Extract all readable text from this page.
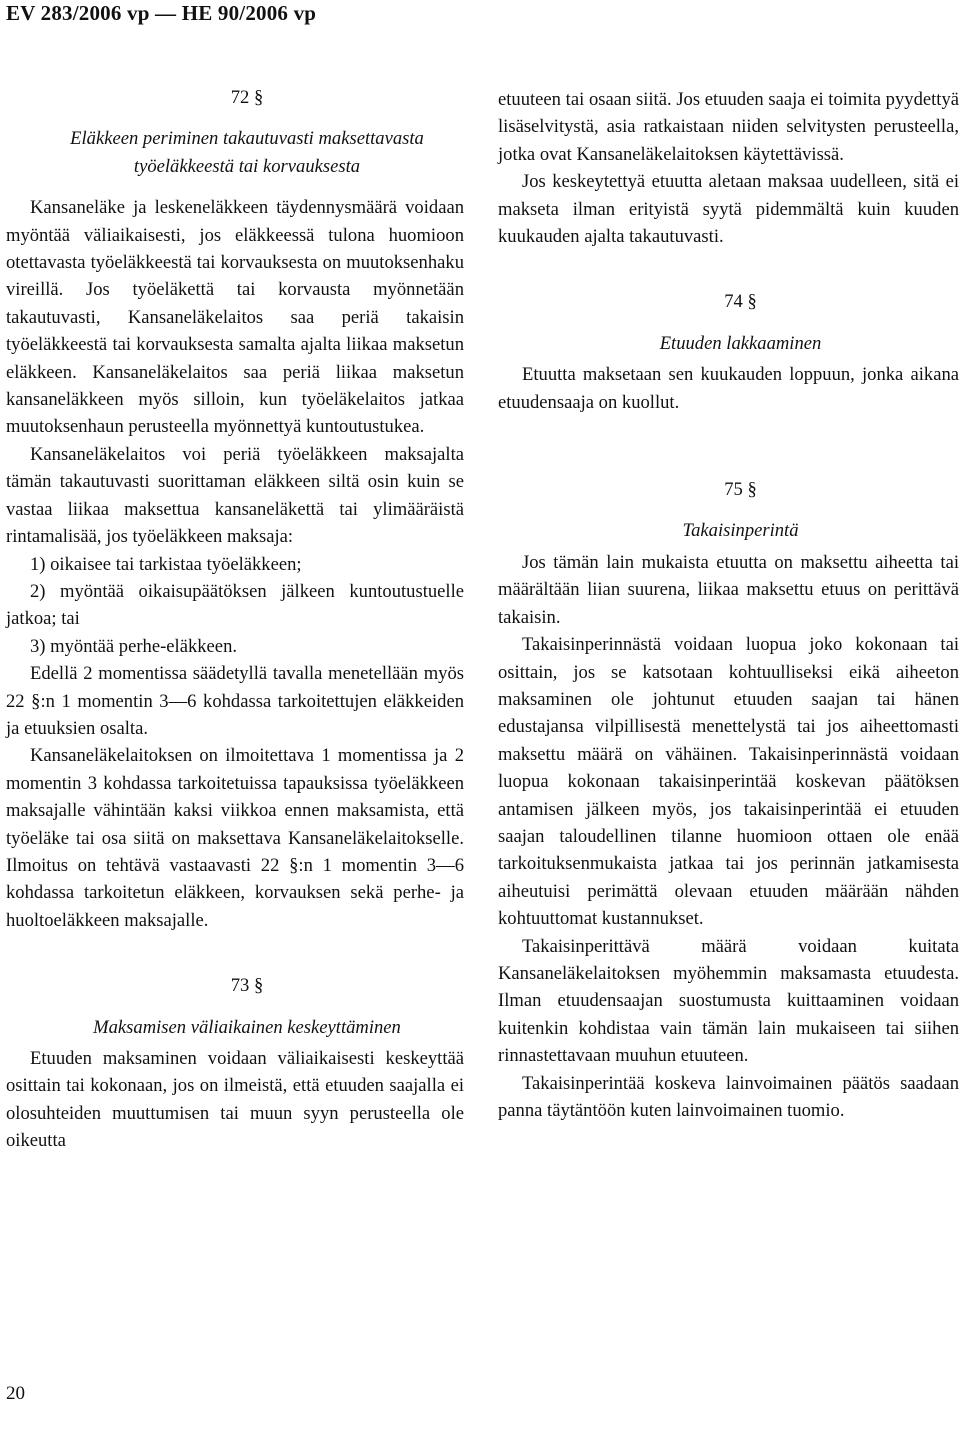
EV 283/2006 vp — HE 90/2006 vp

72 §

Eläkkeen periminen takautuvasti maksettavasta

työeläkkeestä tai korvauksesta

Kansaneläke ja leskeneläkkeen täydennysmäärä voidaan myöntää väliaikaisesti, jos eläkkeessä tulona huomioon otettavasta työeläkkeestä tai korvauksesta on muutoksenhaku vireillä. Jos työeläkettä tai korvausta myönnetään takautuvasti, Kansaneläkelaitos saa periä takaisin työeläkkeestä tai korvauksesta samalta ajalta liikaa maksetun eläkkeen. Kansaneläkelaitos saa periä liikaa maksetun kansaneläkkeen myös silloin, kun työeläkelaitos jatkaa muutoksenhaun perusteella myönnettyä kuntoutustukea.

Kansaneläkelaitos voi periä työeläkkeen maksajalta tämän takautuvasti suorittaman eläkkeen siltä osin kuin se vastaa liikaa maksettua kansaneläkettä tai ylimääräistä rintamalisää, jos työeläkkeen maksaja:

1) oikaisee tai tarkistaa työeläkkeen;

2) myöntää oikaisupäätöksen jälkeen kuntoutustuelle jatkoa; tai

3) myöntää perhe-eläkkeen.

Edellä 2 momentissa säädetyllä tavalla menetellään myös 22 §:n 1 momentin 3—6 kohdassa tarkoitettujen eläkkeiden ja etuuksien osalta.

Kansaneläkelaitoksen on ilmoitettava 1 momentissa ja 2 momentin 3 kohdassa tarkoitetuissa tapauksissa työeläkkeen maksajalle vähintään kaksi viikkoa ennen maksamista, että työeläke tai osa siitä on maksettava Kansaneläkelaitokselle. Ilmoitus on tehtävä vastaavasti 22 §:n 1 momentin 3—6 kohdassa tarkoitetun eläkkeen, korvauksen sekä perhe- ja huoltoeläkkeen maksajalle.

73 §

Maksamisen väliaikainen keskeyttäminen

Etuuden maksaminen voidaan väliaikaisesti keskeyttää osittain tai kokonaan, jos on ilmeistä, että etuuden saajalla ei olosuhteiden muuttumisen tai muun syyn perusteella ole oikeutta

etuuteen tai osaan siitä. Jos etuuden saaja ei toimita pyydettyä lisäselvitystä, asia ratkaistaan niiden selvitysten perusteella, jotka ovat Kansaneläkelaitoksen käytettävissä.

Jos keskeytettyä etuutta aletaan maksaa uudelleen, sitä ei makseta ilman erityistä syytä pidemmältä kuin kuuden kuukauden ajalta takautuvasti.

74 §

Etuuden lakkaaminen

Etuutta maksetaan sen kuukauden loppuun, jonka aikana etuudensaaja on kuollut.

75 §

Takaisinperintä

Jos tämän lain mukaista etuutta on maksettu aiheetta tai määrältään liian suurena, liikaa maksettu etuus on perittävä takaisin.

Takaisinperinnästä voidaan luopua joko kokonaan tai osittain, jos se katsotaan kohtuulliseksi eikä aiheeton maksaminen ole johtunut etuuden saajan tai hänen edustajansa vilpillisestä menettelystä tai jos aiheettomasti maksettu määrä on vähäinen. Takaisinperinnästä voidaan luopua kokonaan takaisinperintää koskevan päätöksen antamisen jälkeen myös, jos takaisinperintää ei etuuden saajan taloudellinen tilanne huomioon ottaen ole enää tarkoituksenmukaista jatkaa tai jos perinnän jatkamisesta aiheutuisi perimättä olevaan etuuden määrään nähden kohtuuttomat kustannukset.

Takaisinperittävä määrä voidaan kuitata Kansaneläkelaitoksen myöhemmin maksamasta etuudesta. Ilman etuudensaajan suostumusta kuittaaminen voidaan kuitenkin kohdistaa vain tämän lain mukaiseen tai siihen rinnastettavaan muuhun etuuteen.

Takaisinperintää koskeva lainvoimainen päätös saadaan panna täytäntöön kuten lainvoimainen tuomio.

20
